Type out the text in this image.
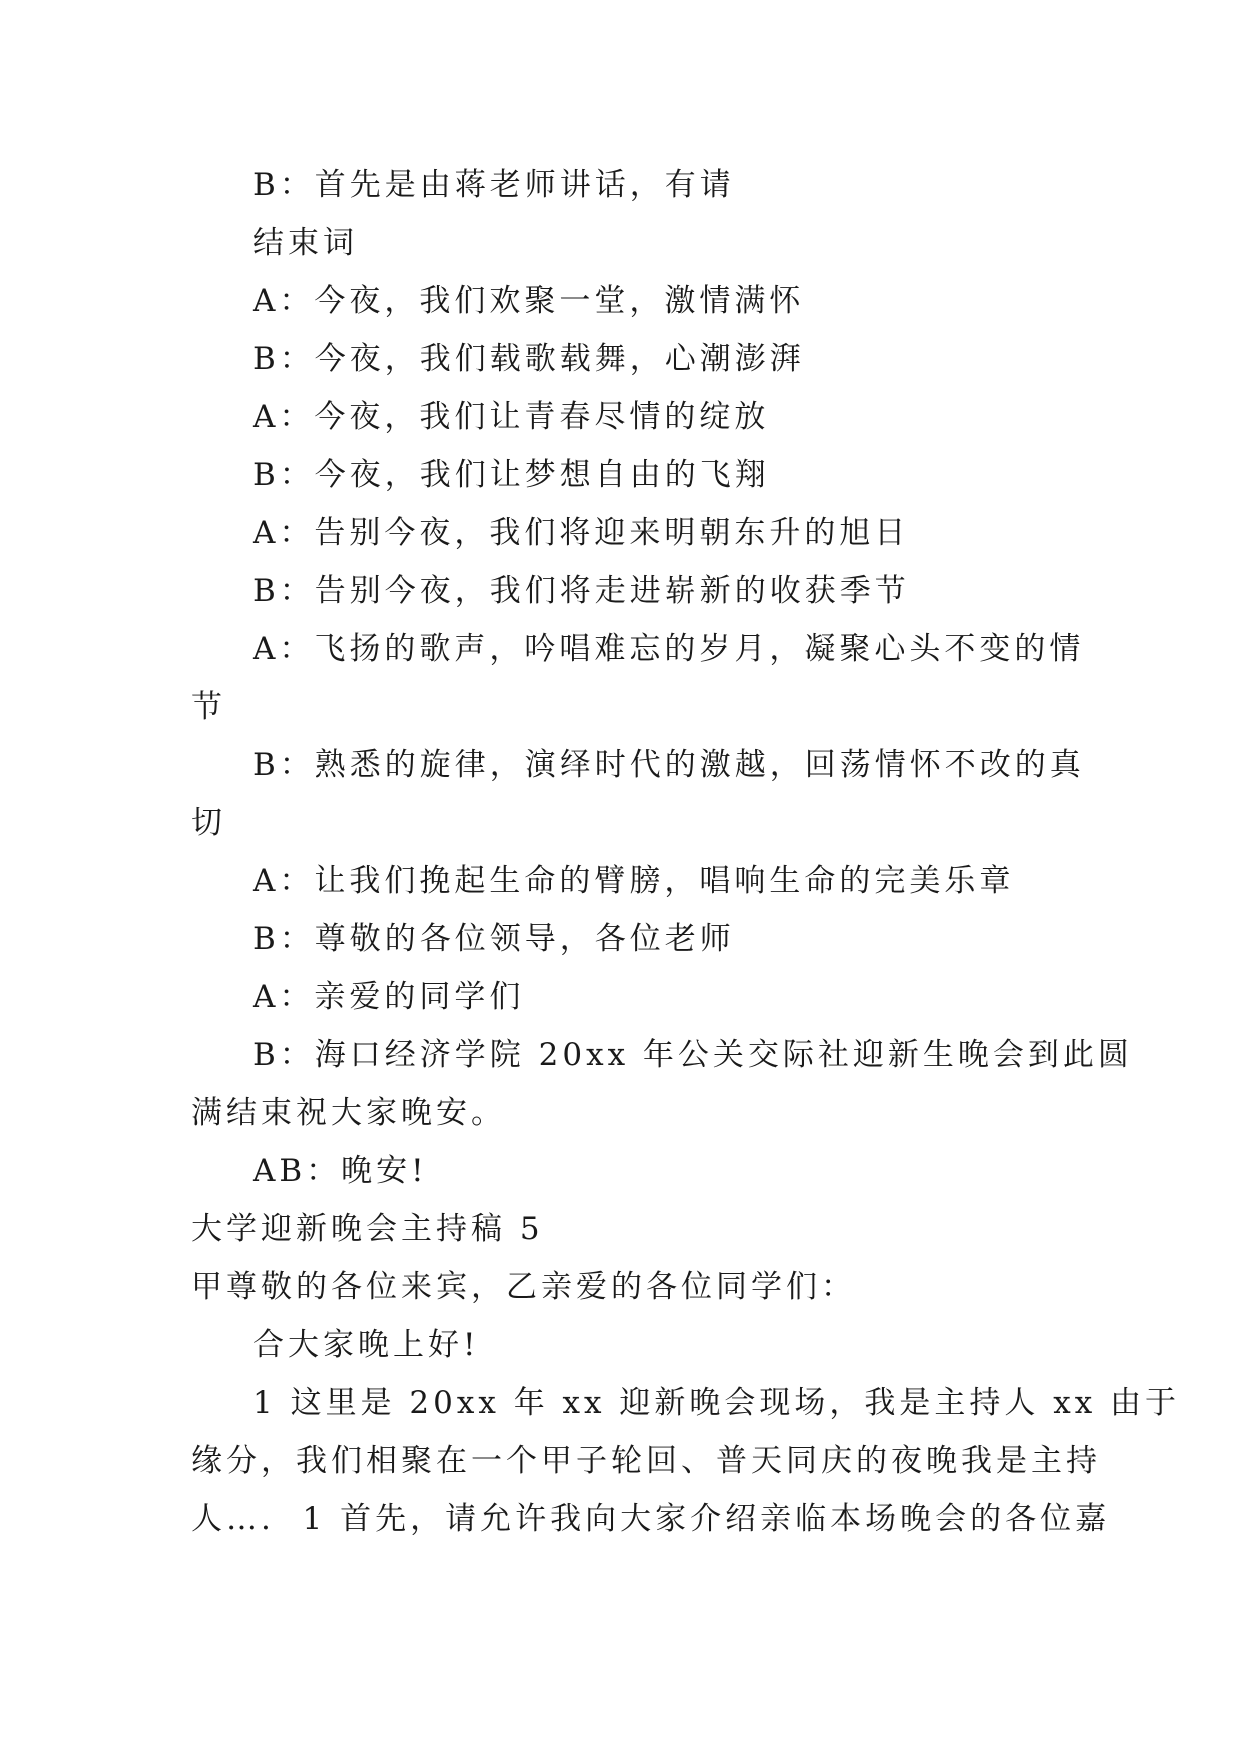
B：首先是由蒋老师讲话，有请
结束词
A：今夜，我们欢聚一堂，激情满怀
B：今夜，我们载歌载舞，心潮澎湃
A：今夜，我们让青春尽情的绽放
B：今夜，我们让梦想自由的飞翔
A：告别今夜，我们将迎来明朝东升的旭日
B：告别今夜，我们将走进崭新的收获季节
A：飞扬的歌声，吟唱难忘的岁月，凝聚心头不变的情
节
B：熟悉的旋律，演绎时代的激越，回荡情怀不改的真
切
A：让我们挽起生命的臂膀，唱响生命的完美乐章
B：尊敬的各位领导，各位老师
A：亲爱的同学们
B：海口经济学院 20xx 年公关交际社迎新生晚会到此圆
满结束祝大家晚安。
AB：晚安!
大学迎新晚会主持稿 5
甲尊敬的各位来宾，乙亲爱的各位同学们：
合大家晚上好!
1 这里是 20xx 年 xx 迎新晚会现场，我是主持人 xx 由于
缘分，我们相聚在一个甲子轮回、普天同庆的夜晚我是主持
人….  1 首先，请允许我向大家介绍亲临本场晚会的各位嘉
